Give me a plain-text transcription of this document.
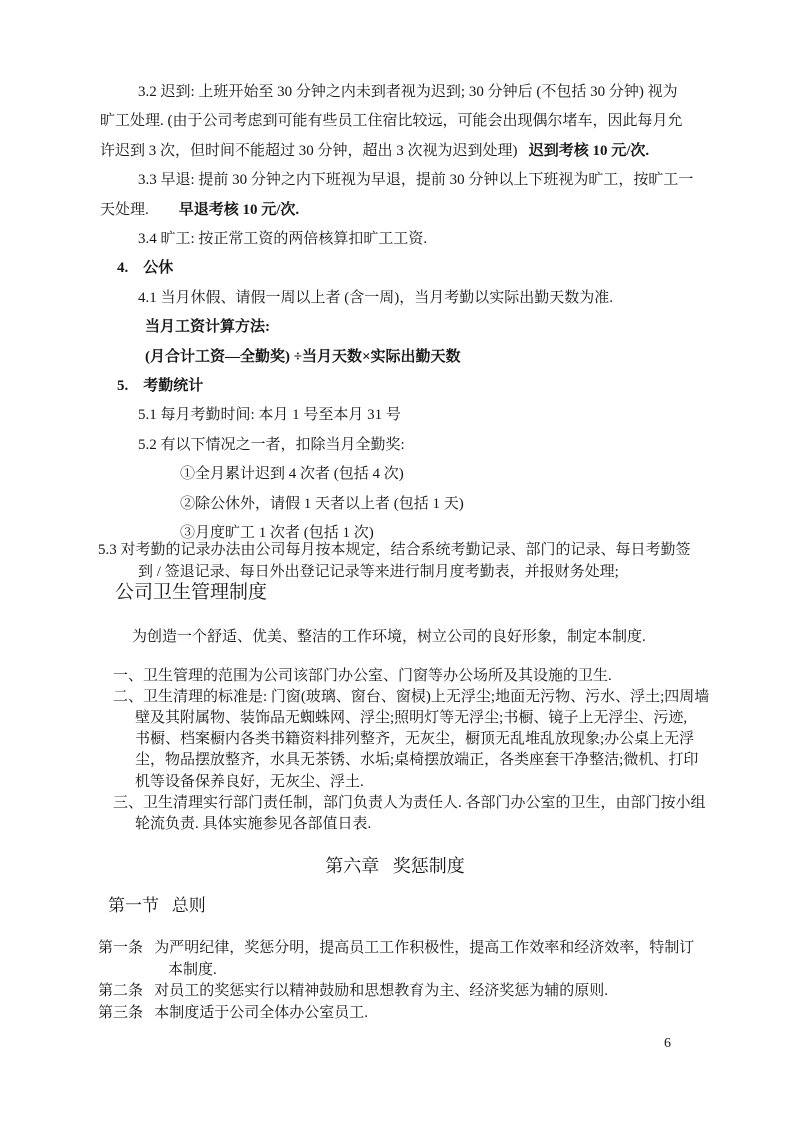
3.2 迟到: 上班开始至 30 分钟之内未到者视为迟到; 30 分钟后 (不包括 30 分钟) 视为
旷工处理. (由于公司考虑到可能有些员工住宿比较远，可能会出现偶尔堵车，因此每月允
许迟到 3 次，但时间不能超过 30 分钟，超出 3 次视为迟到处理)   迟到考核 10 元/次.
3.3 早退: 提前 30 分钟之内下班视为早退，提前 30 分钟以上下班视为旷工，按旷工一
天处理.        早退考核 10 元/次.
3.4 旷工: 按正常工资的两倍核算扣旷工工资.
4.    公休
4.1 当月休假、请假一周以上者 (含一周)，当月考勤以实际出勤天数为准.
当月工资计算方法:
(月合计工资—全勤奖) ÷当月天数×实际出勤天数
5.    考勤统计
5.1 每月考勤时间: 本月 1 号至本月 31 号
5.2 有以下情况之一者，扣除当月全勤奖:
①全月累计迟到 4 次者 (包括 4 次)
②除公休外，请假 1 天者以上者 (包括 1 天)
③月度旷工 1 次者 (包括 1 次)
5.3 对考勤的记录办法由公司每月按本规定，结合系统考勤记录、部门的记录、每日考勤签
到 / 签退记录、每日外出登记记录等来进行制月度考勤表，并报财务处理;
公司卫生管理制度
为创造一个舒适、优美、整洁的工作环境，树立公司的良好形象，制定本制度.
一、卫生管理的范围为公司该部门办公室、门窗等办公场所及其设施的卫生.
二、卫生清理的标准是: 门窗(玻璃、窗台、窗棂)上无浮尘;地面无污物、污水、浮土;四周墙
壁及其附属物、装饰品无蜘蛛网、浮尘;照明灯等无浮尘;书橱、镜子上无浮尘、污迹,
书橱、档案橱内各类书籍资料排列整齐，无灰尘，橱顶无乱堆乱放现象;办公桌上无浮
尘，物品摆放整齐，水具无茶锈、水垢;桌椅摆放端正，各类座套干净整洁;微机、打印
机等设备保养良好，无灰尘、浮土.
三、卫生清理实行部门责任制，部门负责人为责任人. 各部门办公室的卫生，由部门按小组
轮流负责. 具体实施参见各部值日表.
第六章   奖惩制度
第一节   总则
第一条   为严明纪律，奖惩分明，提高员工工作积极性，提高工作效率和经济效率，特制订
本制度.
第二条   对员工的奖惩实行以精神鼓励和思想教育为主、经济奖惩为辅的原则.
第三条   本制度适于公司全体办公室员工.
6
